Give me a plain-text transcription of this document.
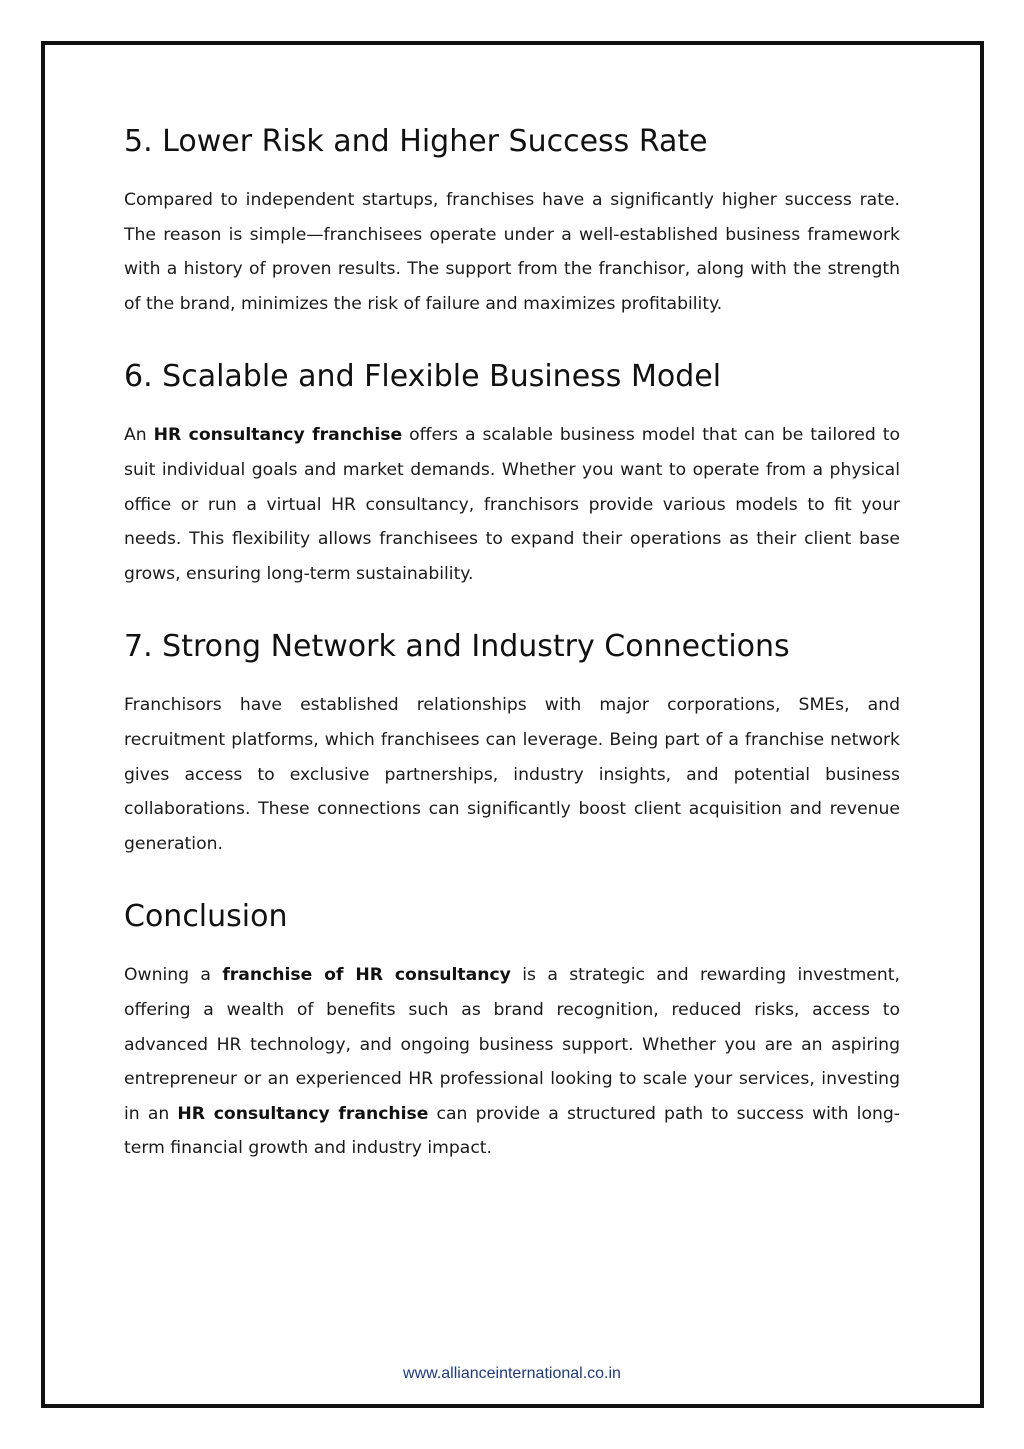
5. Lower Risk and Higher Success Rate

Compared to independent startups, franchises have a significantly higher success rate. The reason is simple—franchisees operate under a well-established business framework with a history of proven results. The support from the franchisor, along with the strength of the brand, minimizes the risk of failure and maximizes profitability.

6. Scalable and Flexible Business Model

An HR consultancy franchise offers a scalable business model that can be tailored to suit individual goals and market demands. Whether you want to operate from a physical office or run a virtual HR consultancy, franchisors provide various models to fit your needs. This flexibility allows franchisees to expand their operations as their client base grows, ensuring long-term sustainability.

7. Strong Network and Industry Connections

Franchisors have established relationships with major corporations, SMEs, and recruitment platforms, which franchisees can leverage. Being part of a franchise network gives access to exclusive partnerships, industry insights, and potential business collaborations. These connections can significantly boost client acquisition and revenue generation.

Conclusion

Owning a franchise of HR consultancy is a strategic and rewarding investment, offering a wealth of benefits such as brand recognition, reduced risks, access to advanced HR technology, and ongoing business support. Whether you are an aspiring entrepreneur or an experienced HR professional looking to scale your services, investing in an HR consultancy franchise can provide a structured path to success with long-term financial growth and industry impact.

www.allianceinternational.co.in
